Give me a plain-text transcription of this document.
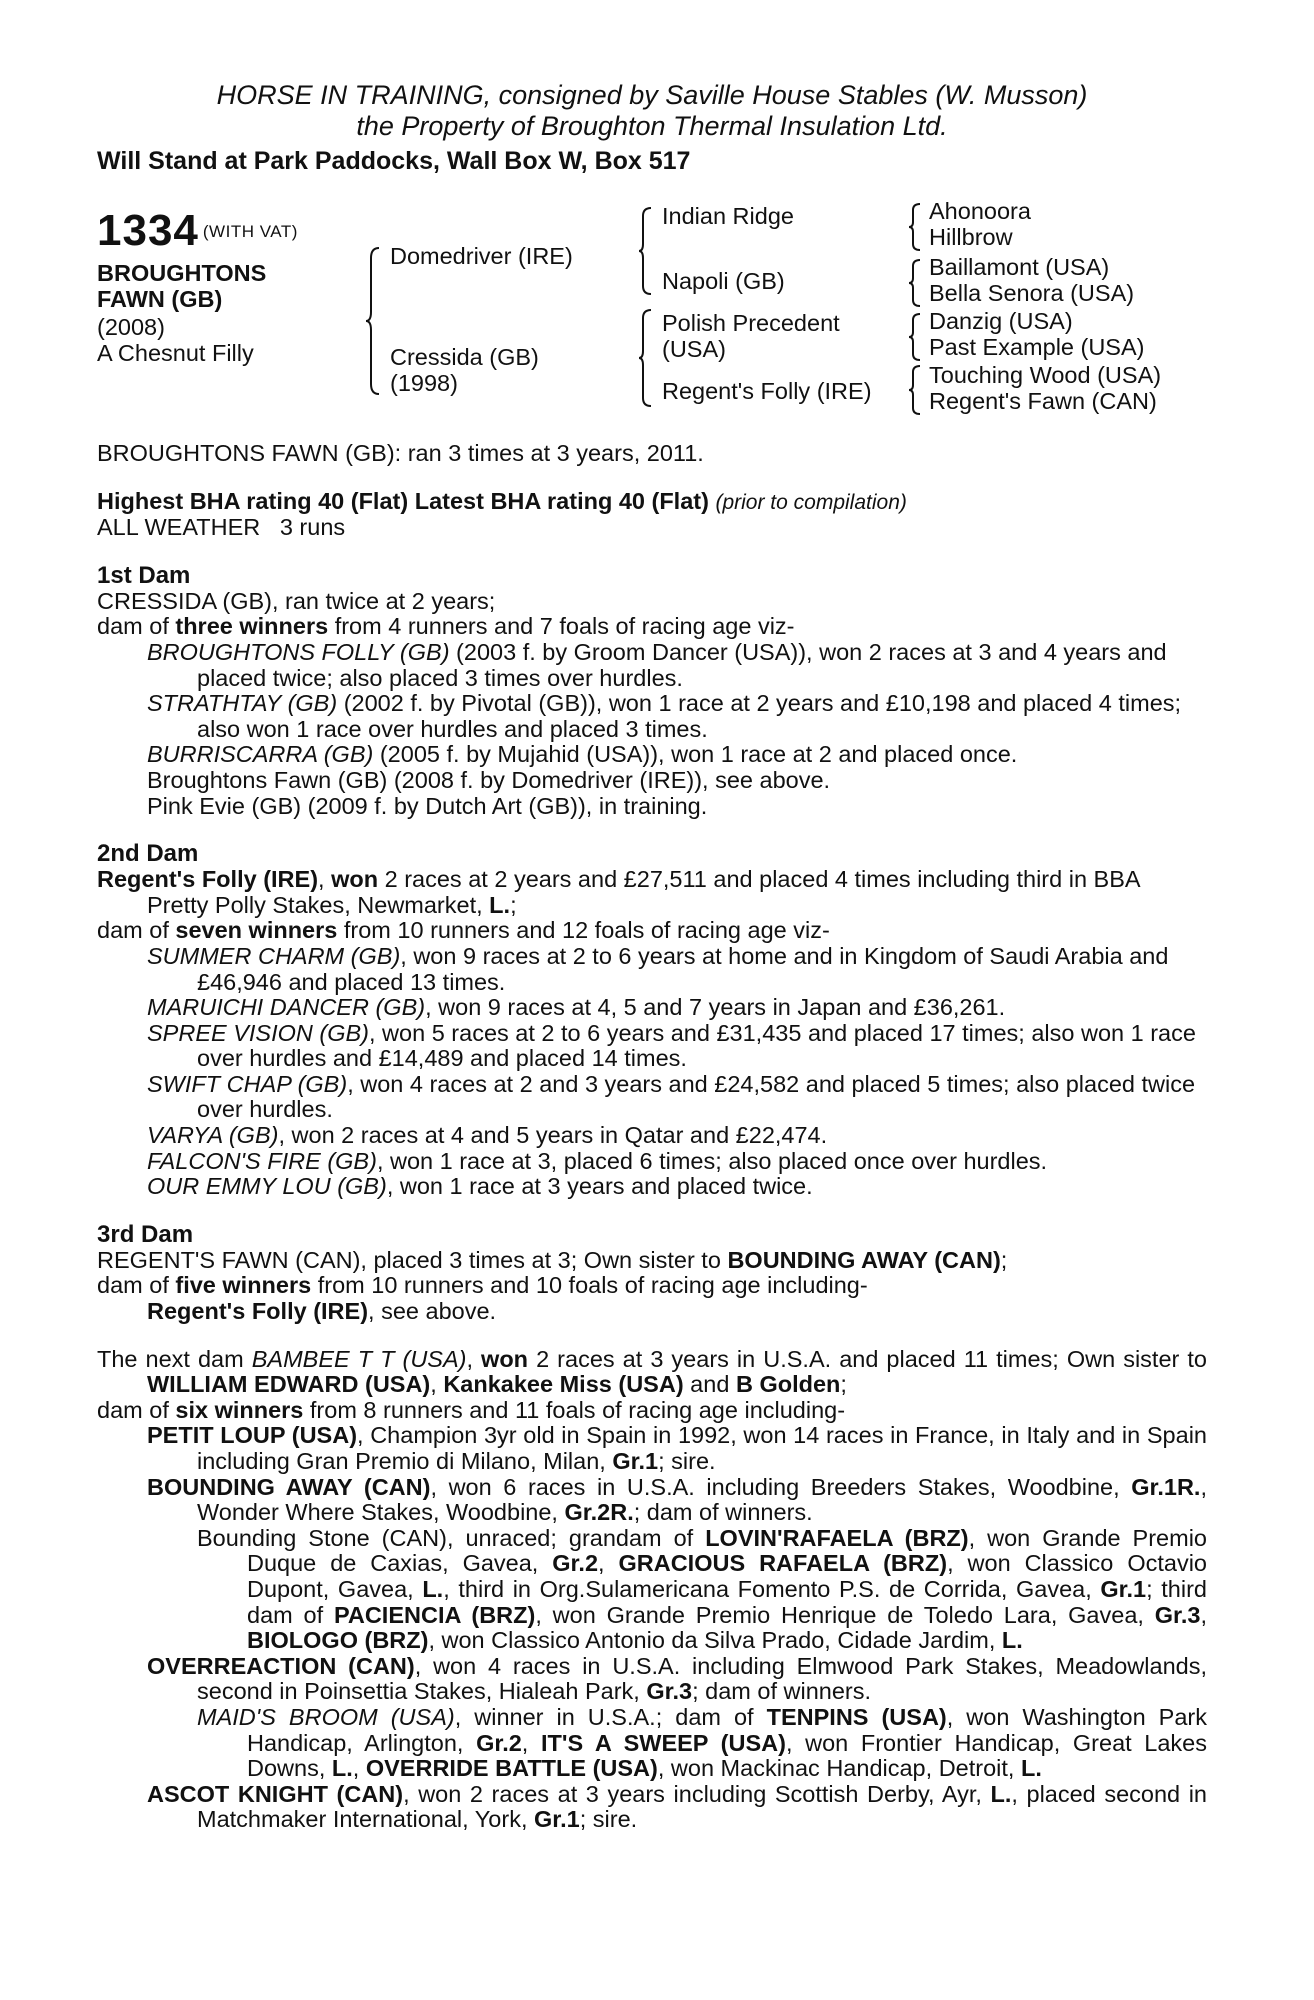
HORSE IN TRAINING, consigned by Saville House Stables (W. Musson)
the Property of Broughton Thermal Insulation Ltd.
Will Stand at Park Paddocks, Wall Box W, Box 517
1334 $^{(WITH VAT)}$
BROUGHTONS
FAWN (GB)
(2008)
A Chesnut Filly
Domedriver (IRE)
Cressida (GB)
(1998)
Indian Ridge
Napoli (GB)
Polish Precedent
(USA)
Regent's Folly (IRE)
Ahonoora
Hillbrow
Baillamont (USA)
Bella Senora (USA)
Danzig (USA)
Past Example (USA)
Touching Wood (USA)
Regent's Fawn (CAN)
BROUGHTONS FAWN (GB): ran 3 times at 3 years, 2011.
Highest BHA rating 40 (Flat) Latest BHA rating 40 (Flat) (prior to compilation)
ALL WEATHER 3 runs
1st Dam
CRESSIDA (GB), ran twice at 2 years;
dam of three winners from 4 runners and 7 foals of racing age viz-
BROUGHTONS FOLLY (GB) (2003 f. by Groom Dancer (USA)), won 2 races at 3 and 4 years and placed twice; also placed 3 times over hurdles.
STRATHTAY (GB) (2002 f. by Pivotal (GB)), won 1 race at 2 years and £10,198 and placed 4 times; also won 1 race over hurdles and placed 3 times.
BURRISCARRA (GB) (2005 f. by Mujahid (USA)), won 1 race at 2 and placed once.
Broughtons Fawn (GB) (2008 f. by Domedriver (IRE)), see above.
Pink Evie (GB) (2009 f. by Dutch Art (GB)), in training.
2nd Dam
Regent's Folly (IRE), won 2 races at 2 years and £27,511 and placed 4 times including third in BBA Pretty Polly Stakes, Newmarket, L.;
dam of seven winners from 10 runners and 12 foals of racing age viz-
SUMMER CHARM (GB), won 9 races at 2 to 6 years at home and in Kingdom of Saudi Arabia and £46,946 and placed 13 times.
MARUICHI DANCER (GB), won 9 races at 4, 5 and 7 years in Japan and £36,261.
SPREE VISION (GB), won 5 races at 2 to 6 years and £31,435 and placed 17 times; also won 1 race over hurdles and £14,489 and placed 14 times.
SWIFT CHAP (GB), won 4 races at 2 and 3 years and £24,582 and placed 5 times; also placed twice over hurdles.
VARYA (GB), won 2 races at 4 and 5 years in Qatar and £22,474.
FALCON'S FIRE (GB), won 1 race at 3, placed 6 times; also placed once over hurdles.
OUR EMMY LOU (GB), won 1 race at 3 years and placed twice.
3rd Dam
REGENT'S FAWN (CAN), placed 3 times at 3; Own sister to BOUNDING AWAY (CAN);
dam of five winners from 10 runners and 10 foals of racing age including-
Regent's Folly (IRE), see above.
The next dam BAMBEE T T (USA), won 2 races at 3 years in U.S.A. and placed 11 times; Own sister to WILLIAM EDWARD (USA), Kankakee Miss (USA) and B Golden;
dam of six winners from 8 runners and 11 foals of racing age including-
PETIT LOUP (USA), Champion 3yr old in Spain in 1992, won 14 races in France, in Italy and in Spain including Gran Premio di Milano, Milan, Gr.1; sire.
BOUNDING AWAY (CAN), won 6 races in U.S.A. including Breeders Stakes, Woodbine, Gr.1R., Wonder Where Stakes, Woodbine, Gr.2R.; dam of winners.
Bounding Stone (CAN), unraced; grandam of LOVIN'RAFAELA (BRZ), won Grande Premio Duque de Caxias, Gavea, Gr.2, GRACIOUS RAFAELA (BRZ), won Classico Octavio Dupont, Gavea, L., third in Org.Sulamericana Fomento P.S. de Corrida, Gavea, Gr.1; third dam of PACIENCIA (BRZ), won Grande Premio Henrique de Toledo Lara, Gavea, Gr.3, BIOLOGO (BRZ), won Classico Antonio da Silva Prado, Cidade Jardim, L.
OVERREACTION (CAN), won 4 races in U.S.A. including Elmwood Park Stakes, Meadowlands, second in Poinsettia Stakes, Hialeah Park, Gr.3; dam of winners.
MAID'S BROOM (USA), winner in U.S.A.; dam of TENPINS (USA), won Washington Park Handicap, Arlington, Gr.2, IT'S A SWEEP (USA), won Frontier Handicap, Great Lakes Downs, L., OVERRIDE BATTLE (USA), won Mackinac Handicap, Detroit, L.
ASCOT KNIGHT (CAN), won 2 races at 3 years including Scottish Derby, Ayr, L., placed second in Matchmaker International, York, Gr.1; sire.
